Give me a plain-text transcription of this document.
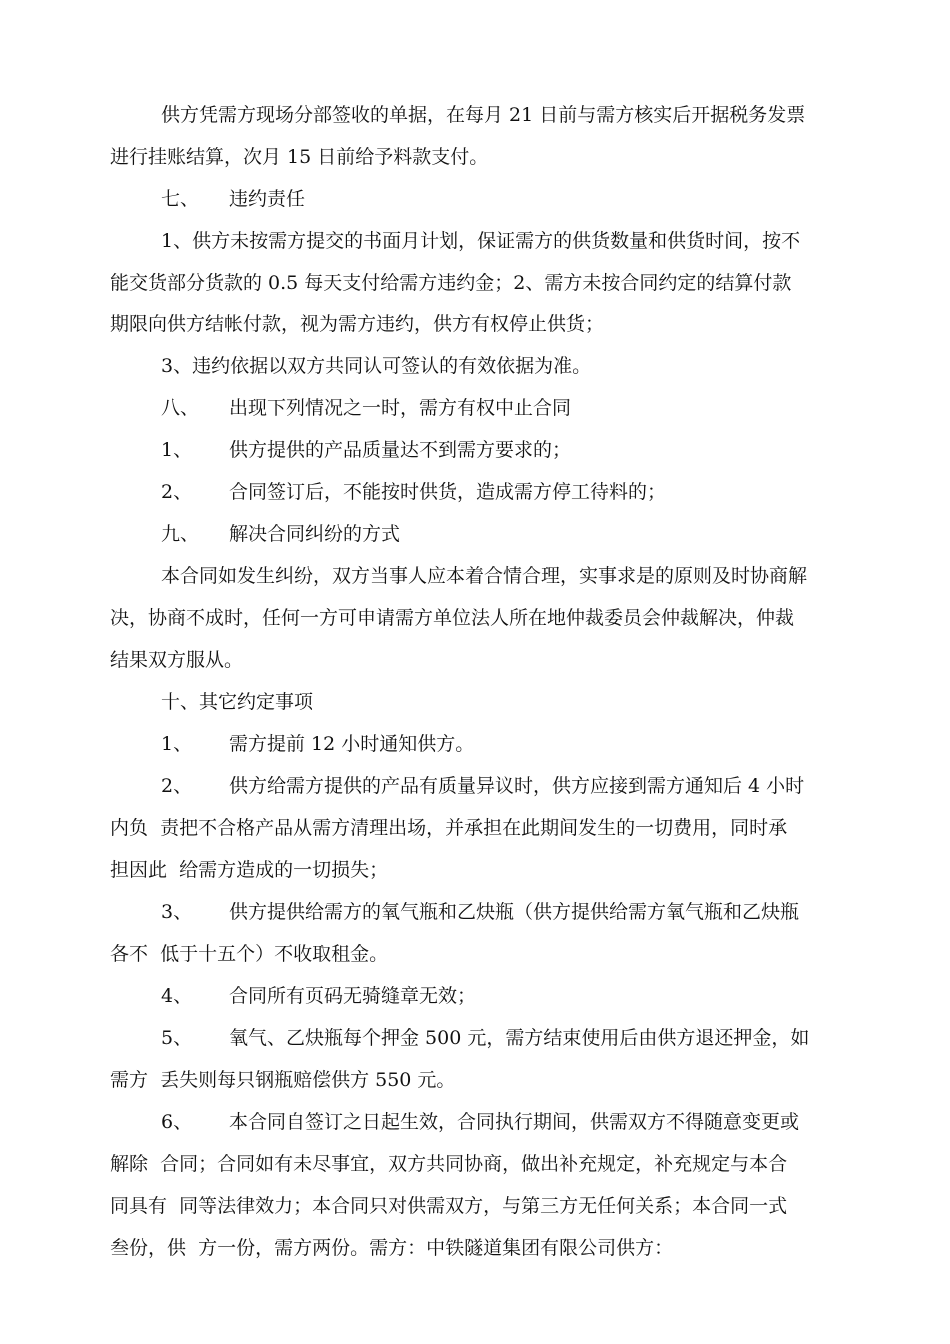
供方凭需方现场分部签收的单据，在每月 21 日前与需方核实后开据税务发票
进行挂账结算，次月 15 日前给予料款支付。
七、 违约责任
1、供方未按需方提交的书面月计划，保证需方的供货数量和供货时间，按不
能交货部分货款的 0.5 每天支付给需方违约金；2、需方未按合同约定的结算付款
期限向供方结帐付款，视为需方违约，供方有权停止供货；
3、违约依据以双方共同认可签认的有效依据为准。
八、 出现下列情况之一时，需方有权中止合同
1、 供方提供的产品质量达不到需方要求的；
2、 合同签订后，不能按时供货，造成需方停工待料的；
九、 解决合同纠纷的方式
本合同如发生纠纷，双方当事人应本着合情合理，实事求是的原则及时协商解
决，协商不成时，任何一方可申请需方单位法人所在地仲裁委员会仲裁解决，仲裁
结果双方服从。
十、其它约定事项
1、 需方提前 12 小时通知供方。
2、 供方给需方提供的产品有质量异议时，供方应接到需方通知后 4 小时
内负  责把不合格产品从需方清理出场，并承担在此期间发生的一切费用，同时承
担因此  给需方造成的一切损失；
3、 供方提供给需方的氧气瓶和乙炔瓶（供方提供给需方氧气瓶和乙炔瓶
各不  低于十五个）不收取租金。
4、 合同所有页码无骑缝章无效；
5、 氧气、乙炔瓶每个押金 500 元，需方结束使用后由供方退还押金，如
需方  丢失则每只钢瓶赔偿供方 550 元。
6、 本合同自签订之日起生效，合同执行期间，供需双方不得随意变更或
解除  合同；合同如有未尽事宜，双方共同协商，做出补充规定，补充规定与本合
同具有  同等法律效力；本合同只对供需双方，与第三方无任何关系；本合同一式
叁份，供  方一份，需方两份。需方：中铁隧道集团有限公司供方：
